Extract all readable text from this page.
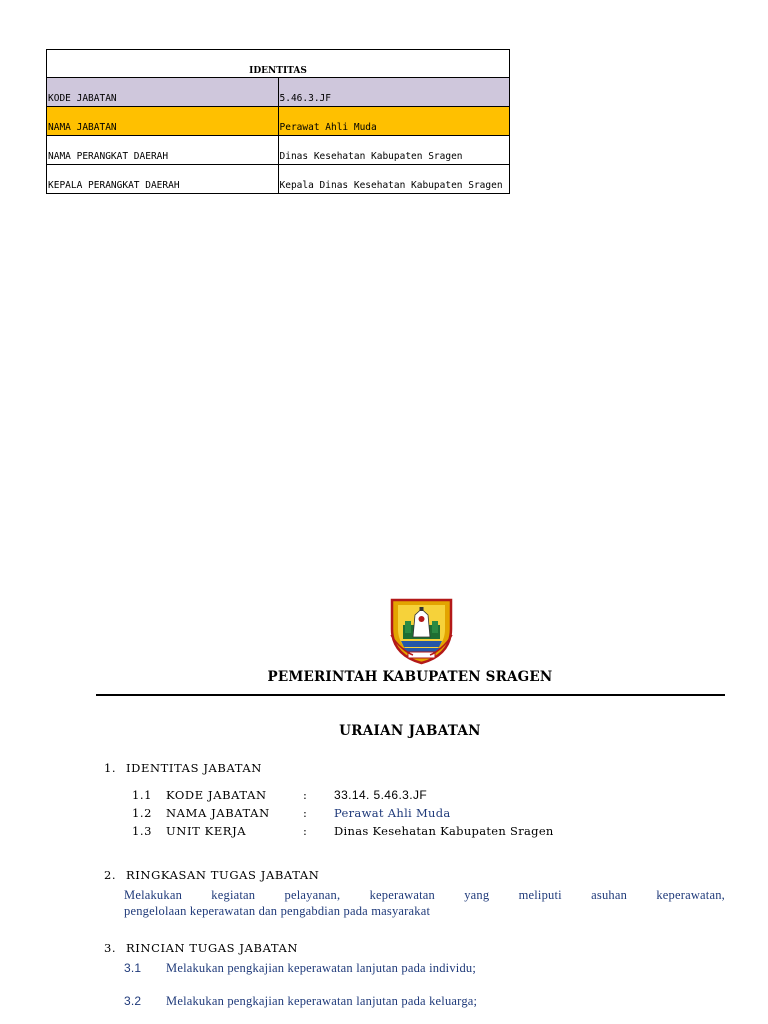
IDENTITAS	
KODE JABATAN	5.46.3.JF
NAMA JABATAN	Perawat Ahli Muda
NAMA PERANGKAT DAERAH	Dinas Kesehatan Kabupaten Sragen
KEPALA PERANGKAT DAERAH	Kepala Dinas Kesehatan Kabupaten Sragen
PEMERINTAH KABUPATEN SRAGEN
URAIAN JABATAN
1. IDENTITAS JABATAN
1.1 KODE JABATAN	: 33.14. 5.46.3.JF
1.2 NAMA JABATAN	: Perawat Ahli Muda
1.3 UNIT KERJA	: Dinas Kesehatan Kabupaten Sragen
2. RINGKASAN TUGAS JABATAN
Melakukan kegiatan pelayanan, keperawatan yang meliputi asuhan keperawatan,
pengelolaan keperawatan dan pengabdian pada masyarakat
3. RINCIAN TUGAS JABATAN
3.1 Melakukan pengkajian keperawatan lanjutan pada individu;
3.2 Melakukan pengkajian keperawatan lanjutan pada keluarga;
